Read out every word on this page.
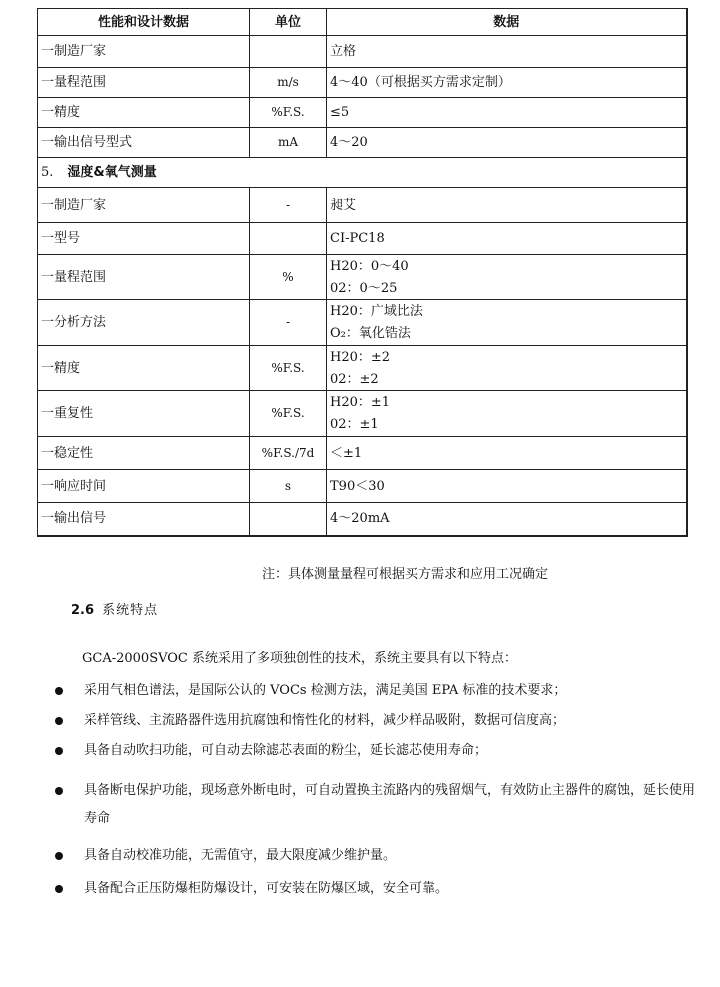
性能和设计数据	单位	数据
一制造厂家		立格

一量程范围	m/s	4～40（可根据买方需求定制）

一精度	%F.S.	≤5

一输出信号型式	mA	4～20

5. 湿度&氧气测量		
一制造厂家	-	昶艾

一型号		CI-PC18

一量程范围	%	H20：0～40
02：0～25

一分析方法	-	H20：广域比法
O₂：氧化锆法

一精度	%F.S.	H20：±2
02：±2

一重复性	%F.S.	H20：±1
02：±1

一稳定性	%F.S./7d	＜±1

一响应时间	s	T90＜30

一输出信号		4～20mA
注：具体测量量程可根据买方需求和应用工况确定
2.6 系统特点
GCA-2000SVOC 系统采用了多项独创性的技术，系统主要具有以下特点：
采用气相色谱法，是国际公认的 VOCs 检测方法，满足美国 EPA 标准的技术要求；
采样管线、主流路器件选用抗腐蚀和惰性化的材料，减少样品吸附，数据可信度高；
具备自动吹扫功能，可自动去除滤芯表面的粉尘，延长滤芯使用寿命；
具备断电保护功能，现场意外断电时，可自动置换主流路内的残留烟气，有效防止主器件的腐蚀，延长使用寿命
具备自动校准功能，无需值守，最大限度减少维护量。
具备配合正压防爆柜防爆设计，可安装在防爆区域，安全可靠。
